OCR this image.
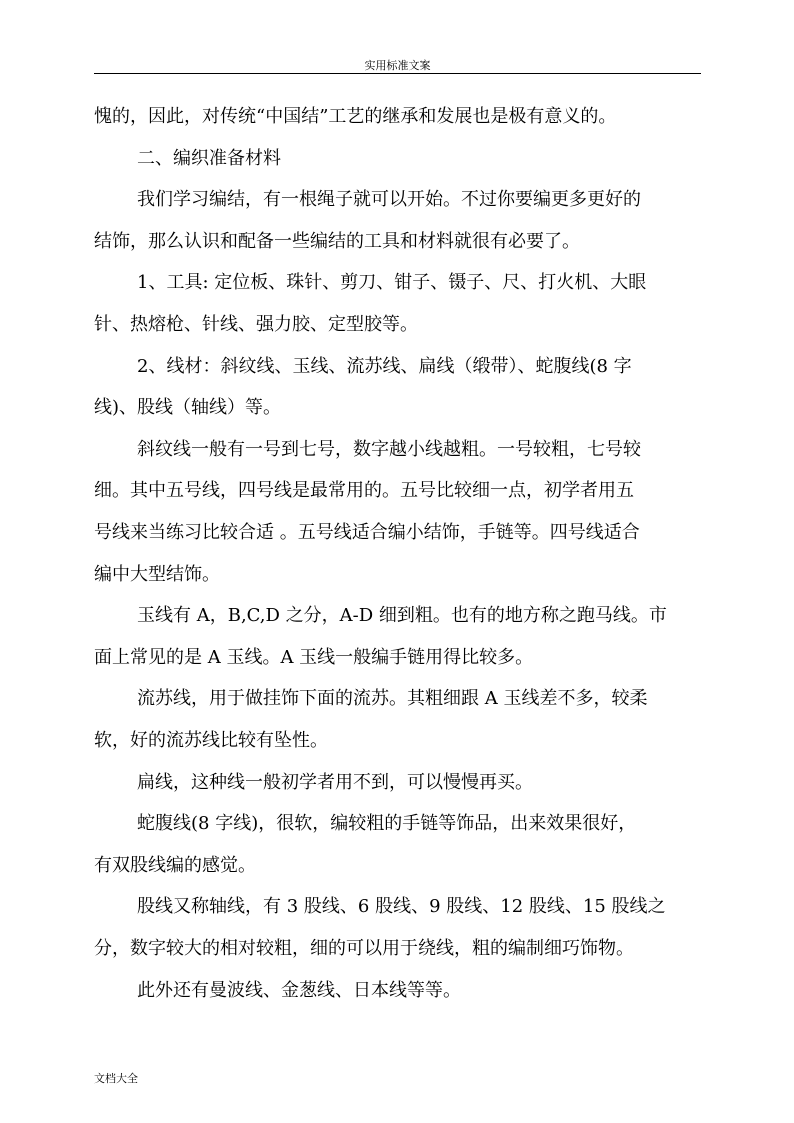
实用标准文案
愧的，因此，对传统“中国结”工艺的继承和发展也是极有意义的。
二、编织准备材料
我们学习编结，有一根绳子就可以开始。不过你要编更多更好的
结饰，那么认识和配备一些编结的工具和材料就很有必要了。
1、工具: 定位板、珠针、剪刀、钳子、镊子、尺、打火机、大眼
针、热熔枪、针线、强力胶、定型胶等。
2、线材：斜纹线、玉线、流苏线、扁线（缎带）、蛇腹线(8 字
线)、股线（轴线）等。
斜纹线一般有一号到七号，数字越小线越粗。一号较粗，七号较
细。其中五号线，四号线是最常用的。五号比较细一点，初学者用五
号线来当练习比较合适 。五号线适合编小结饰，手链等。四号线适合
编中大型结饰。
玉线有 A，B,C,D 之分，A-D 细到粗。也有的地方称之跑马线。市
面上常见的是 A 玉线。A 玉线一般编手链用得比较多。
流苏线，用于做挂饰下面的流苏。其粗细跟 A 玉线差不多，较柔
软，好的流苏线比较有坠性。
扁线，这种线一般初学者用不到，可以慢慢再买。
蛇腹线(8 字线)，很软，编较粗的手链等饰品，出来效果很好，
有双股线编的感觉。
股线又称轴线，有 3 股线、6 股线、9 股线、12 股线、15 股线之
分，数字较大的相对较粗，细的可以用于绕线，粗的编制细巧饰物。
此外还有曼波线、金葱线、日本线等等。
文档大全
